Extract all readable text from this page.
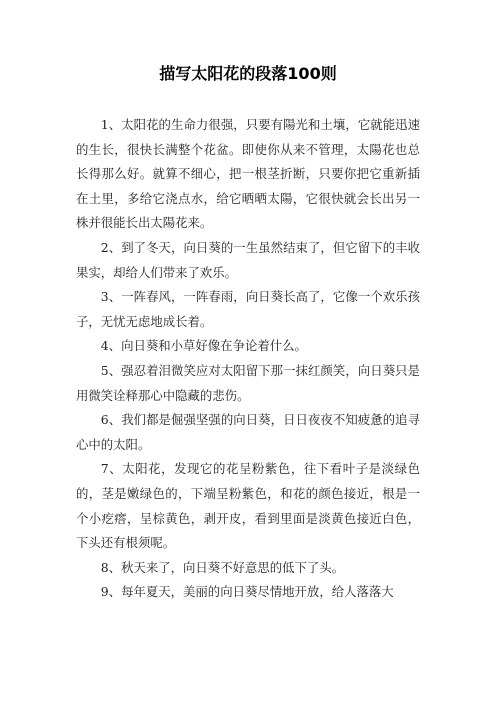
描写太阳花的段落100则

1、太阳花的生命力很强，只要有陽光和土壤，它就能迅速的生长，很快长满整个花盆。即使你从来不管理，太陽花也总长得那么好。就算不细心，把一根茎折断，只要你把它重新插在土里，多给它浇点水，给它晒晒太陽，它很快就会长出另一株并很能长出太陽花来。

2、到了冬天，向日葵的一生虽然结束了，但它留下的丰收果实，却给人们带来了欢乐。

3、一阵春风，一阵春雨，向日葵长高了，它像一个欢乐孩子，无忧无虑地成长着。

4、向日葵和小草好像在争论着什么。

5、强忍着泪微笑应对太阳留下那一抹红颜笑，向日葵只是用微笑诠释那心中隐藏的悲伤。

6、我们都是倔强坚强的向日葵，日日夜夜不知疲惫的追寻心中的太阳。

7、太阳花，发现它的花呈粉紫色，往下看叶子是淡绿色的，茎是嫩绿色的，下端呈粉紫色，和花的颜色接近，根是一个小疙瘩，呈棕黄色，剥开皮，看到里面是淡黄色接近白色，下头还有根须呢。

8、秋天来了，向日葵不好意思的低下了头。

9、每年夏天，美丽的向日葵尽情地开放，给人落落大
